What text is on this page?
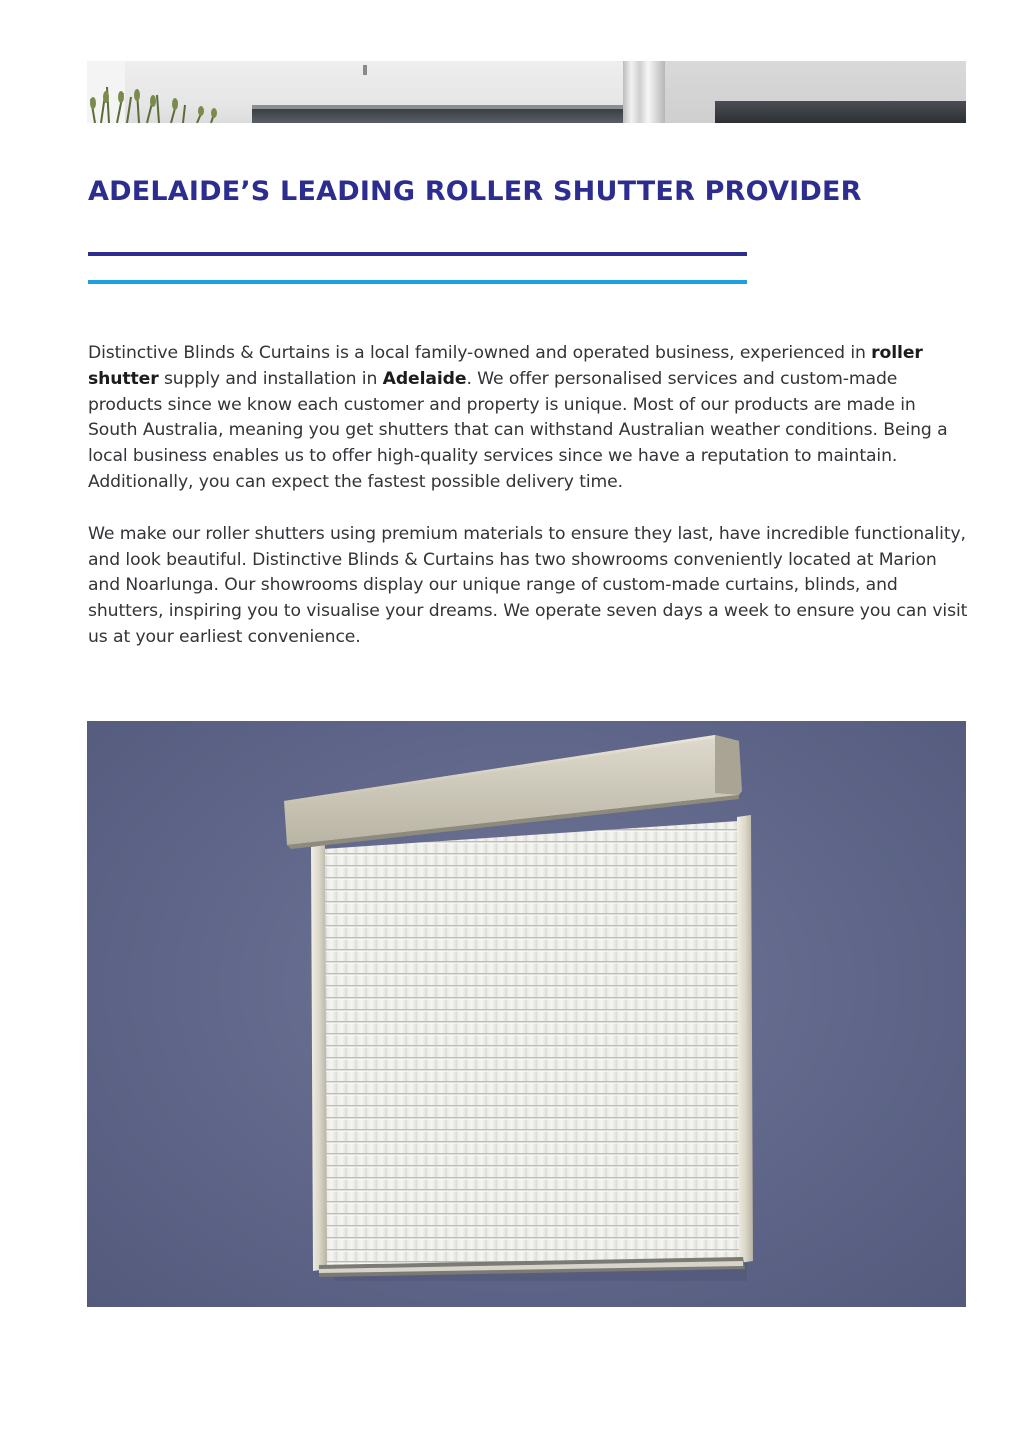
ADELAIDE’S LEADING ROLLER SHUTTER PROVIDER

Distinctive Blinds & Curtains is a local family-owned and operated business, experienced in roller shutter supply and installation in Adelaide. We offer personalised services and custom-made products since we know each customer and property is unique. Most of our products are made in South Australia, meaning you get shutters that can withstand Australian weather conditions. Being a local business enables us to offer high-quality services since we have a reputation to maintain. Additionally, you can expect the fastest possible delivery time.

We make our roller shutters using premium materials to ensure they last, have incredible functionality, and look beautiful. Distinctive Blinds & Curtains has two showrooms conveniently located at Marion and Noarlunga. Our showrooms display our unique range of custom-made curtains, blinds, and shutters, inspiring you to visualise your dreams. We operate seven days a week to ensure you can visit us at your earliest convenience.
